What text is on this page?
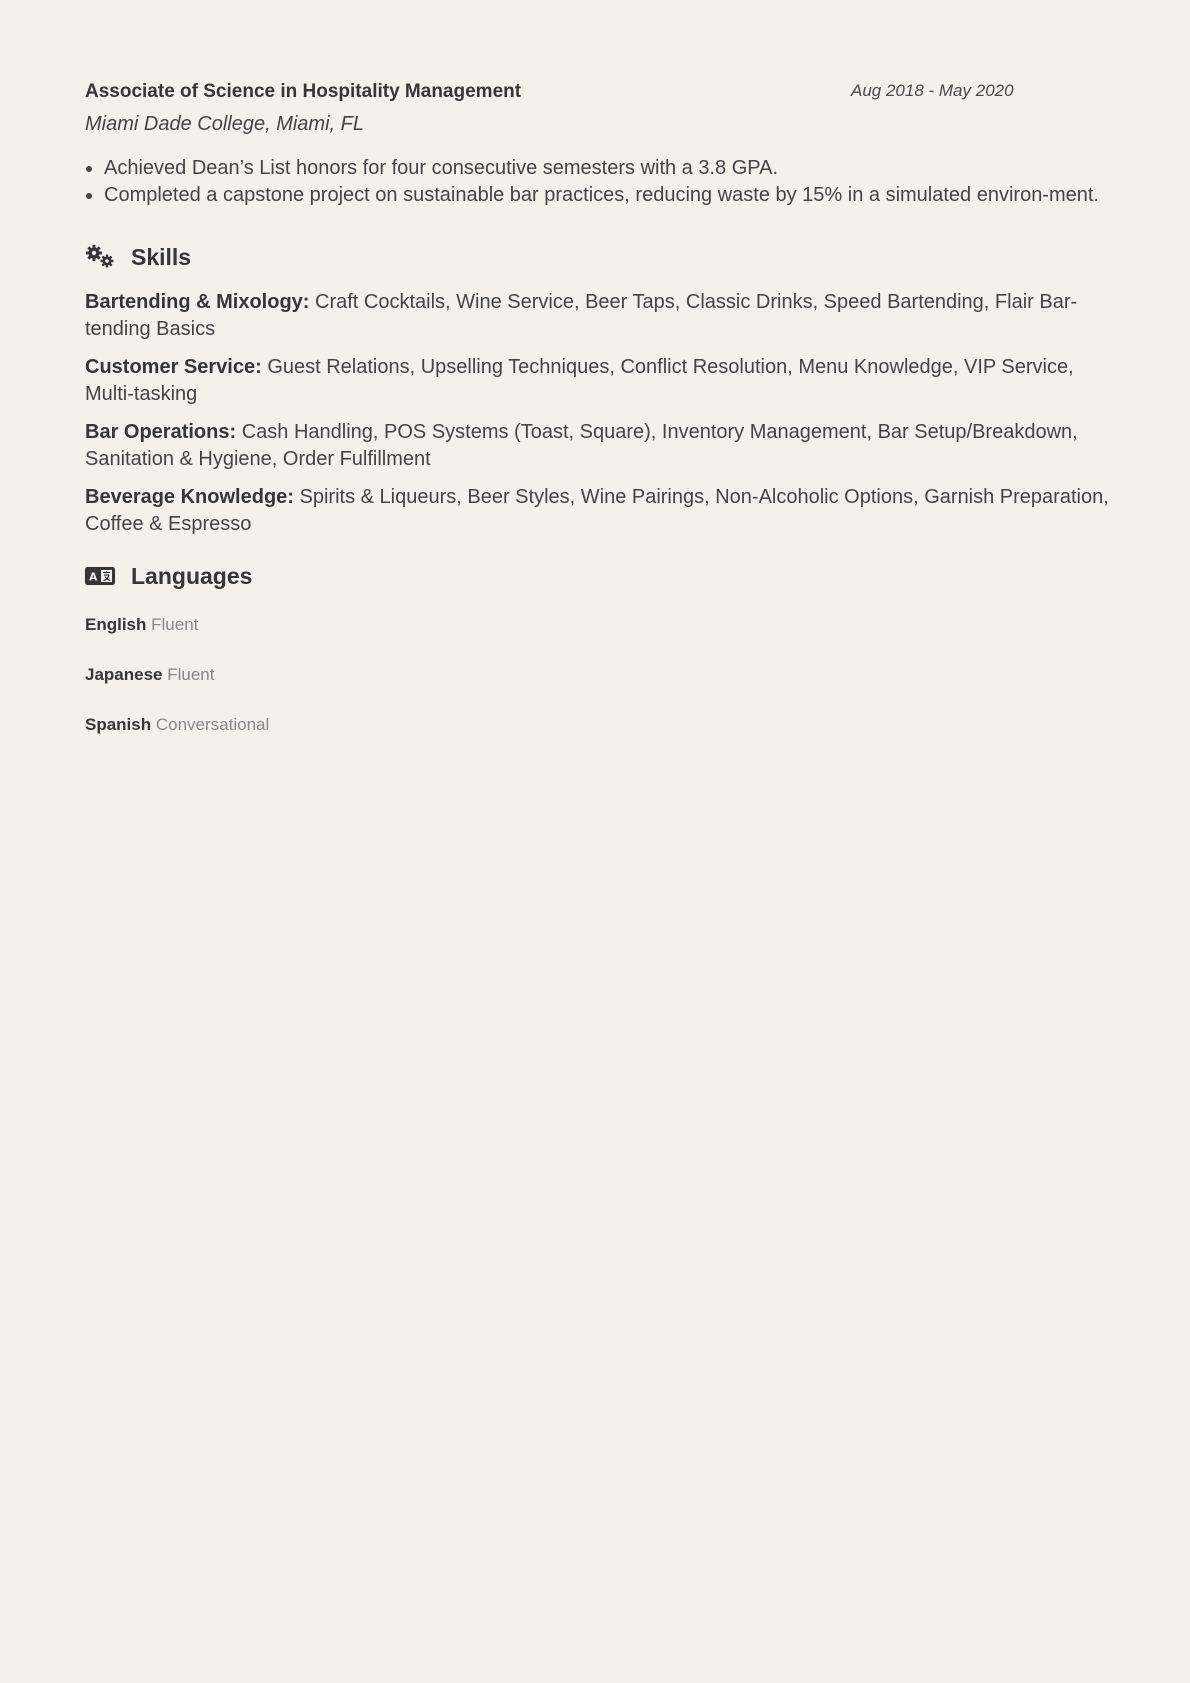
Associate of Science in Hospitality Management	Aug 2018 - May 2020
Miami Dade College, Miami, FL
• Achieved Dean’s List honors for four consecutive semesters with a 3.8 GPA.
• Completed a capstone project on sustainable bar practices, reducing waste by 15% in a simulated environ-ment.
Skills
Bartending & Mixology: Craft Cocktails, Wine Service, Beer Taps, Classic Drinks, Speed Bartending, Flair Bar-tending Basics
Customer Service: Guest Relations, Upselling Techniques, Conflict Resolution, Menu Knowledge, VIP Service, Multi-tasking
Bar Operations: Cash Handling, POS Systems (Toast, Square), Inventory Management, Bar Setup/Breakdown, Sanitation & Hygiene, Order Fulfillment
Beverage Knowledge: Spirits & Liqueurs, Beer Styles, Wine Pairings, Non-Alcoholic Options, Garnish Preparation, Coffee & Espresso
A Languages
English Fluent
Japanese Fluent
Spanish Conversational
